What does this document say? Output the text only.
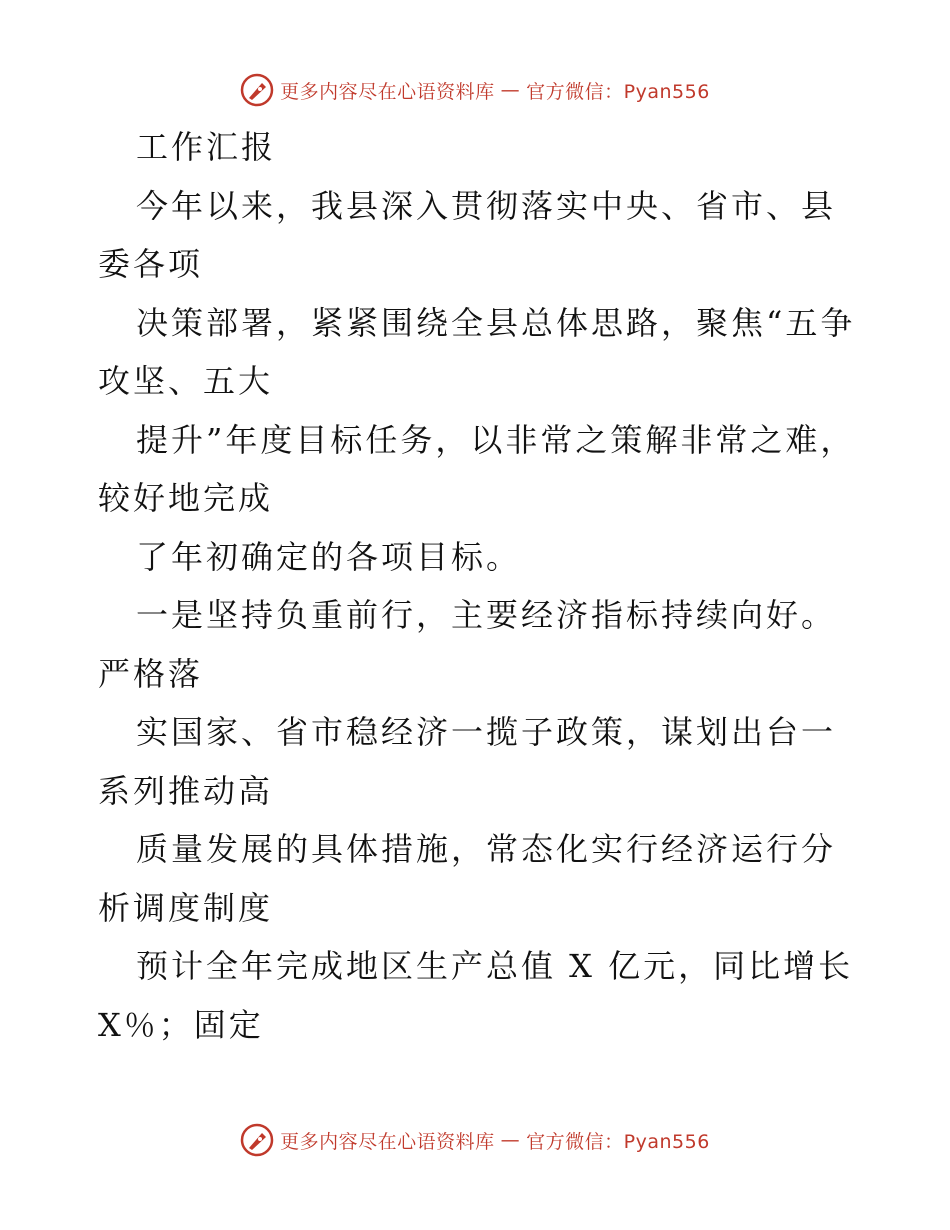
更多内容尽在心语资料库 — 官方微信：Pyan556

工作汇报

今年以来，我县深入贯彻落实中央、省市、县委各项

决策部署，紧紧围绕全县总体思路，聚焦“五争攻坚、五大

提升”年度目标任务，以非常之策解非常之难，较好地完成

了年初确定的各项目标。

一是坚持负重前行，主要经济指标持续向好。严格落

实国家、省市稳经济一揽子政策，谋划出台一系列推动高

质量发展的具体措施，常态化实行经济运行分析调度制度

预计全年完成地区生产总值 X 亿元，同比增长 X％；固定

更多内容尽在心语资料库 — 官方微信：Pyan556
